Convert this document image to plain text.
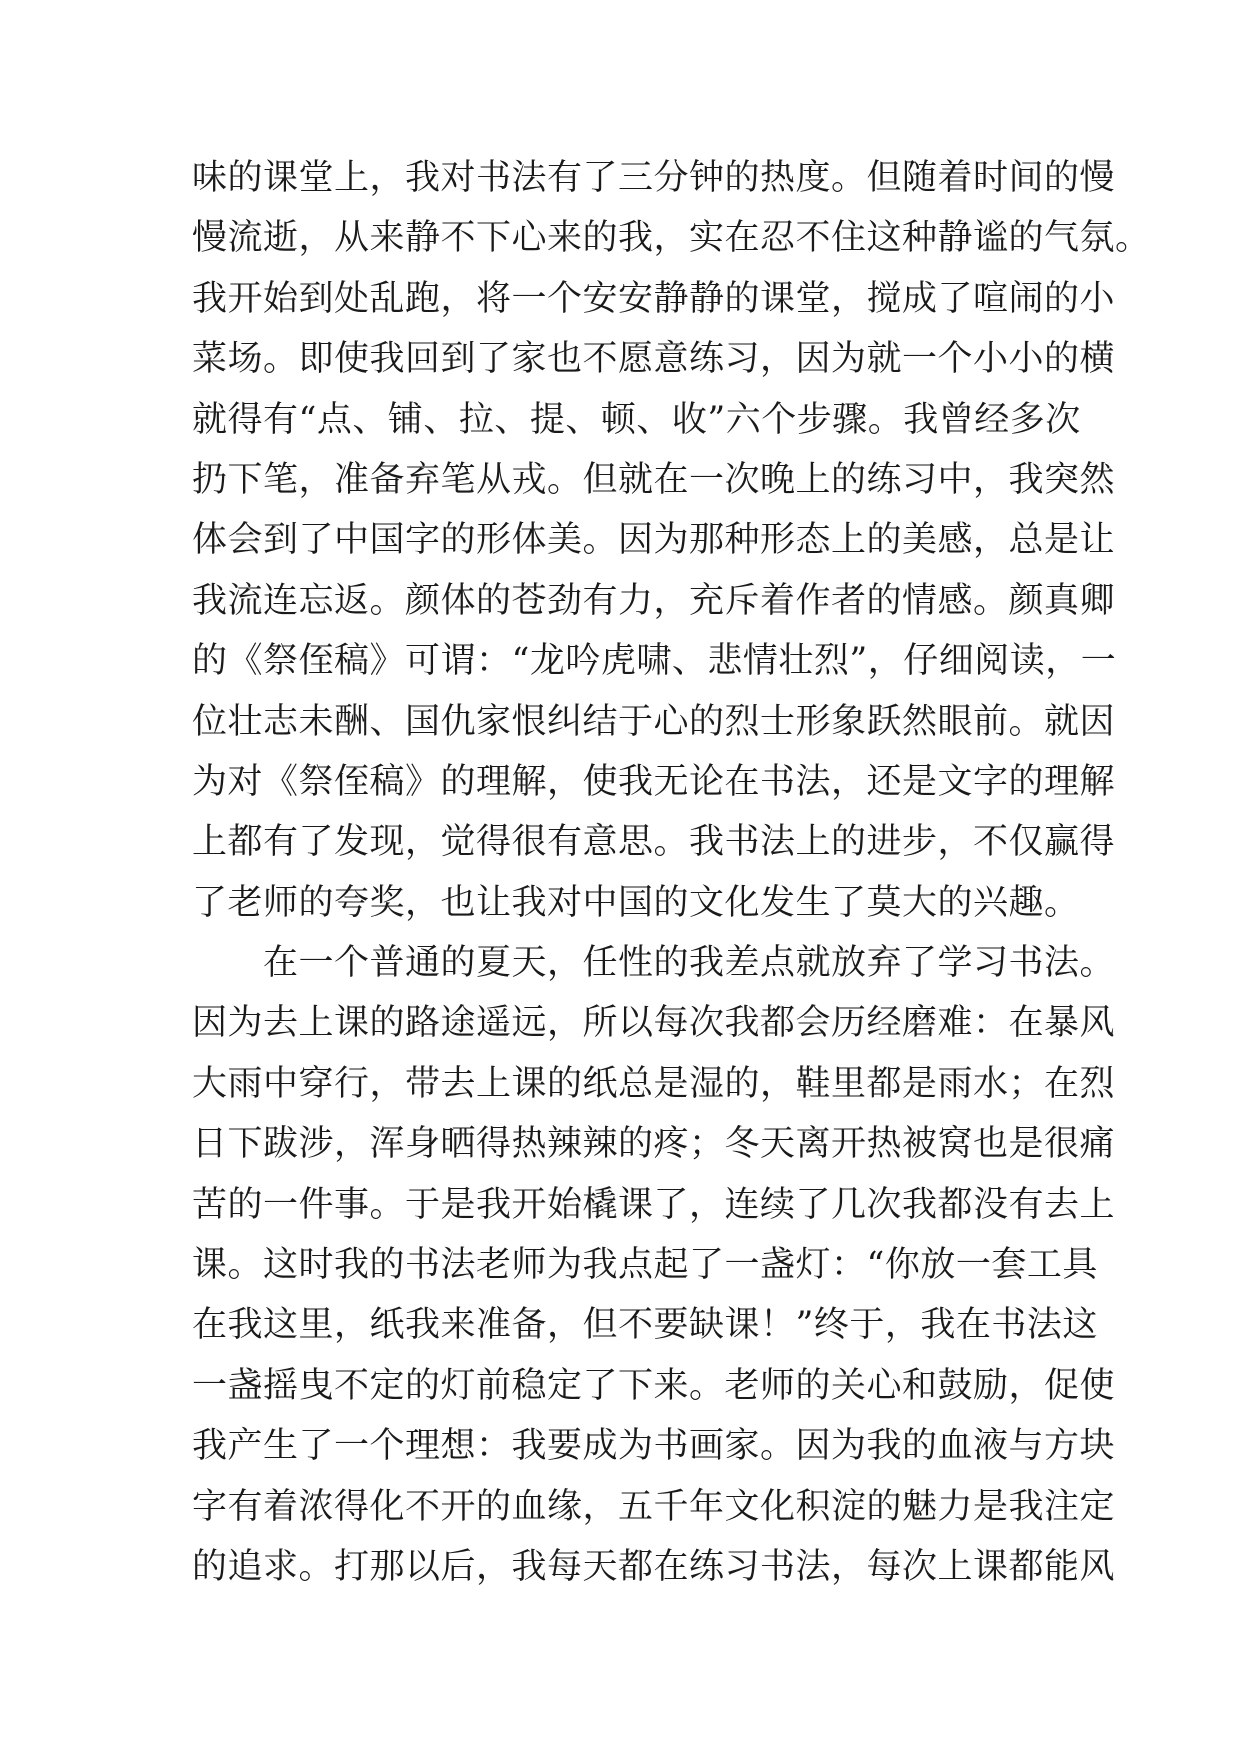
味的课堂上，我对书法有了三分钟的热度。但随着时间的慢
慢流逝，从来静不下心来的我，实在忍不住这种静谧的气氛。
我开始到处乱跑，将一个安安静静的课堂，搅成了喧闹的小
菜场。即使我回到了家也不愿意练习，因为就一个小小的横
就得有“点、铺、拉、提、顿、收”六个步骤。我曾经多次
扔下笔，准备弃笔从戎。但就在一次晚上的练习中，我突然
体会到了中国字的形体美。因为那种形态上的美感，总是让
我流连忘返。颜体的苍劲有力，充斥着作者的情感。颜真卿
的《祭侄稿》可谓：“龙吟虎啸、悲情壮烈”，仔细阅读，一
位壮志未酬、国仇家恨纠结于心的烈士形象跃然眼前。就因
为对《祭侄稿》的理解，使我无论在书法，还是文字的理解
上都有了发现，觉得很有意思。我书法上的进步，不仅赢得
了老师的夸奖，也让我对中国的文化发生了莫大的兴趣。
　　在一个普通的夏天，任性的我差点就放弃了学习书法。
因为去上课的路途遥远，所以每次我都会历经磨难：在暴风
大雨中穿行，带去上课的纸总是湿的，鞋里都是雨水；在烈
日下跋涉，浑身晒得热辣辣的疼；冬天离开热被窝也是很痛
苦的一件事。于是我开始橇课了，连续了几次我都没有去上
课。这时我的书法老师为我点起了一盏灯：“你放一套工具
在我这里，纸我来准备，但不要缺课！”终于，我在书法这
一盏摇曳不定的灯前稳定了下来。老师的关心和鼓励，促使
我产生了一个理想：我要成为书画家。因为我的血液与方块
字有着浓得化不开的血缘，五千年文化积淀的魅力是我注定
的追求。打那以后，我每天都在练习书法，每次上课都能风
